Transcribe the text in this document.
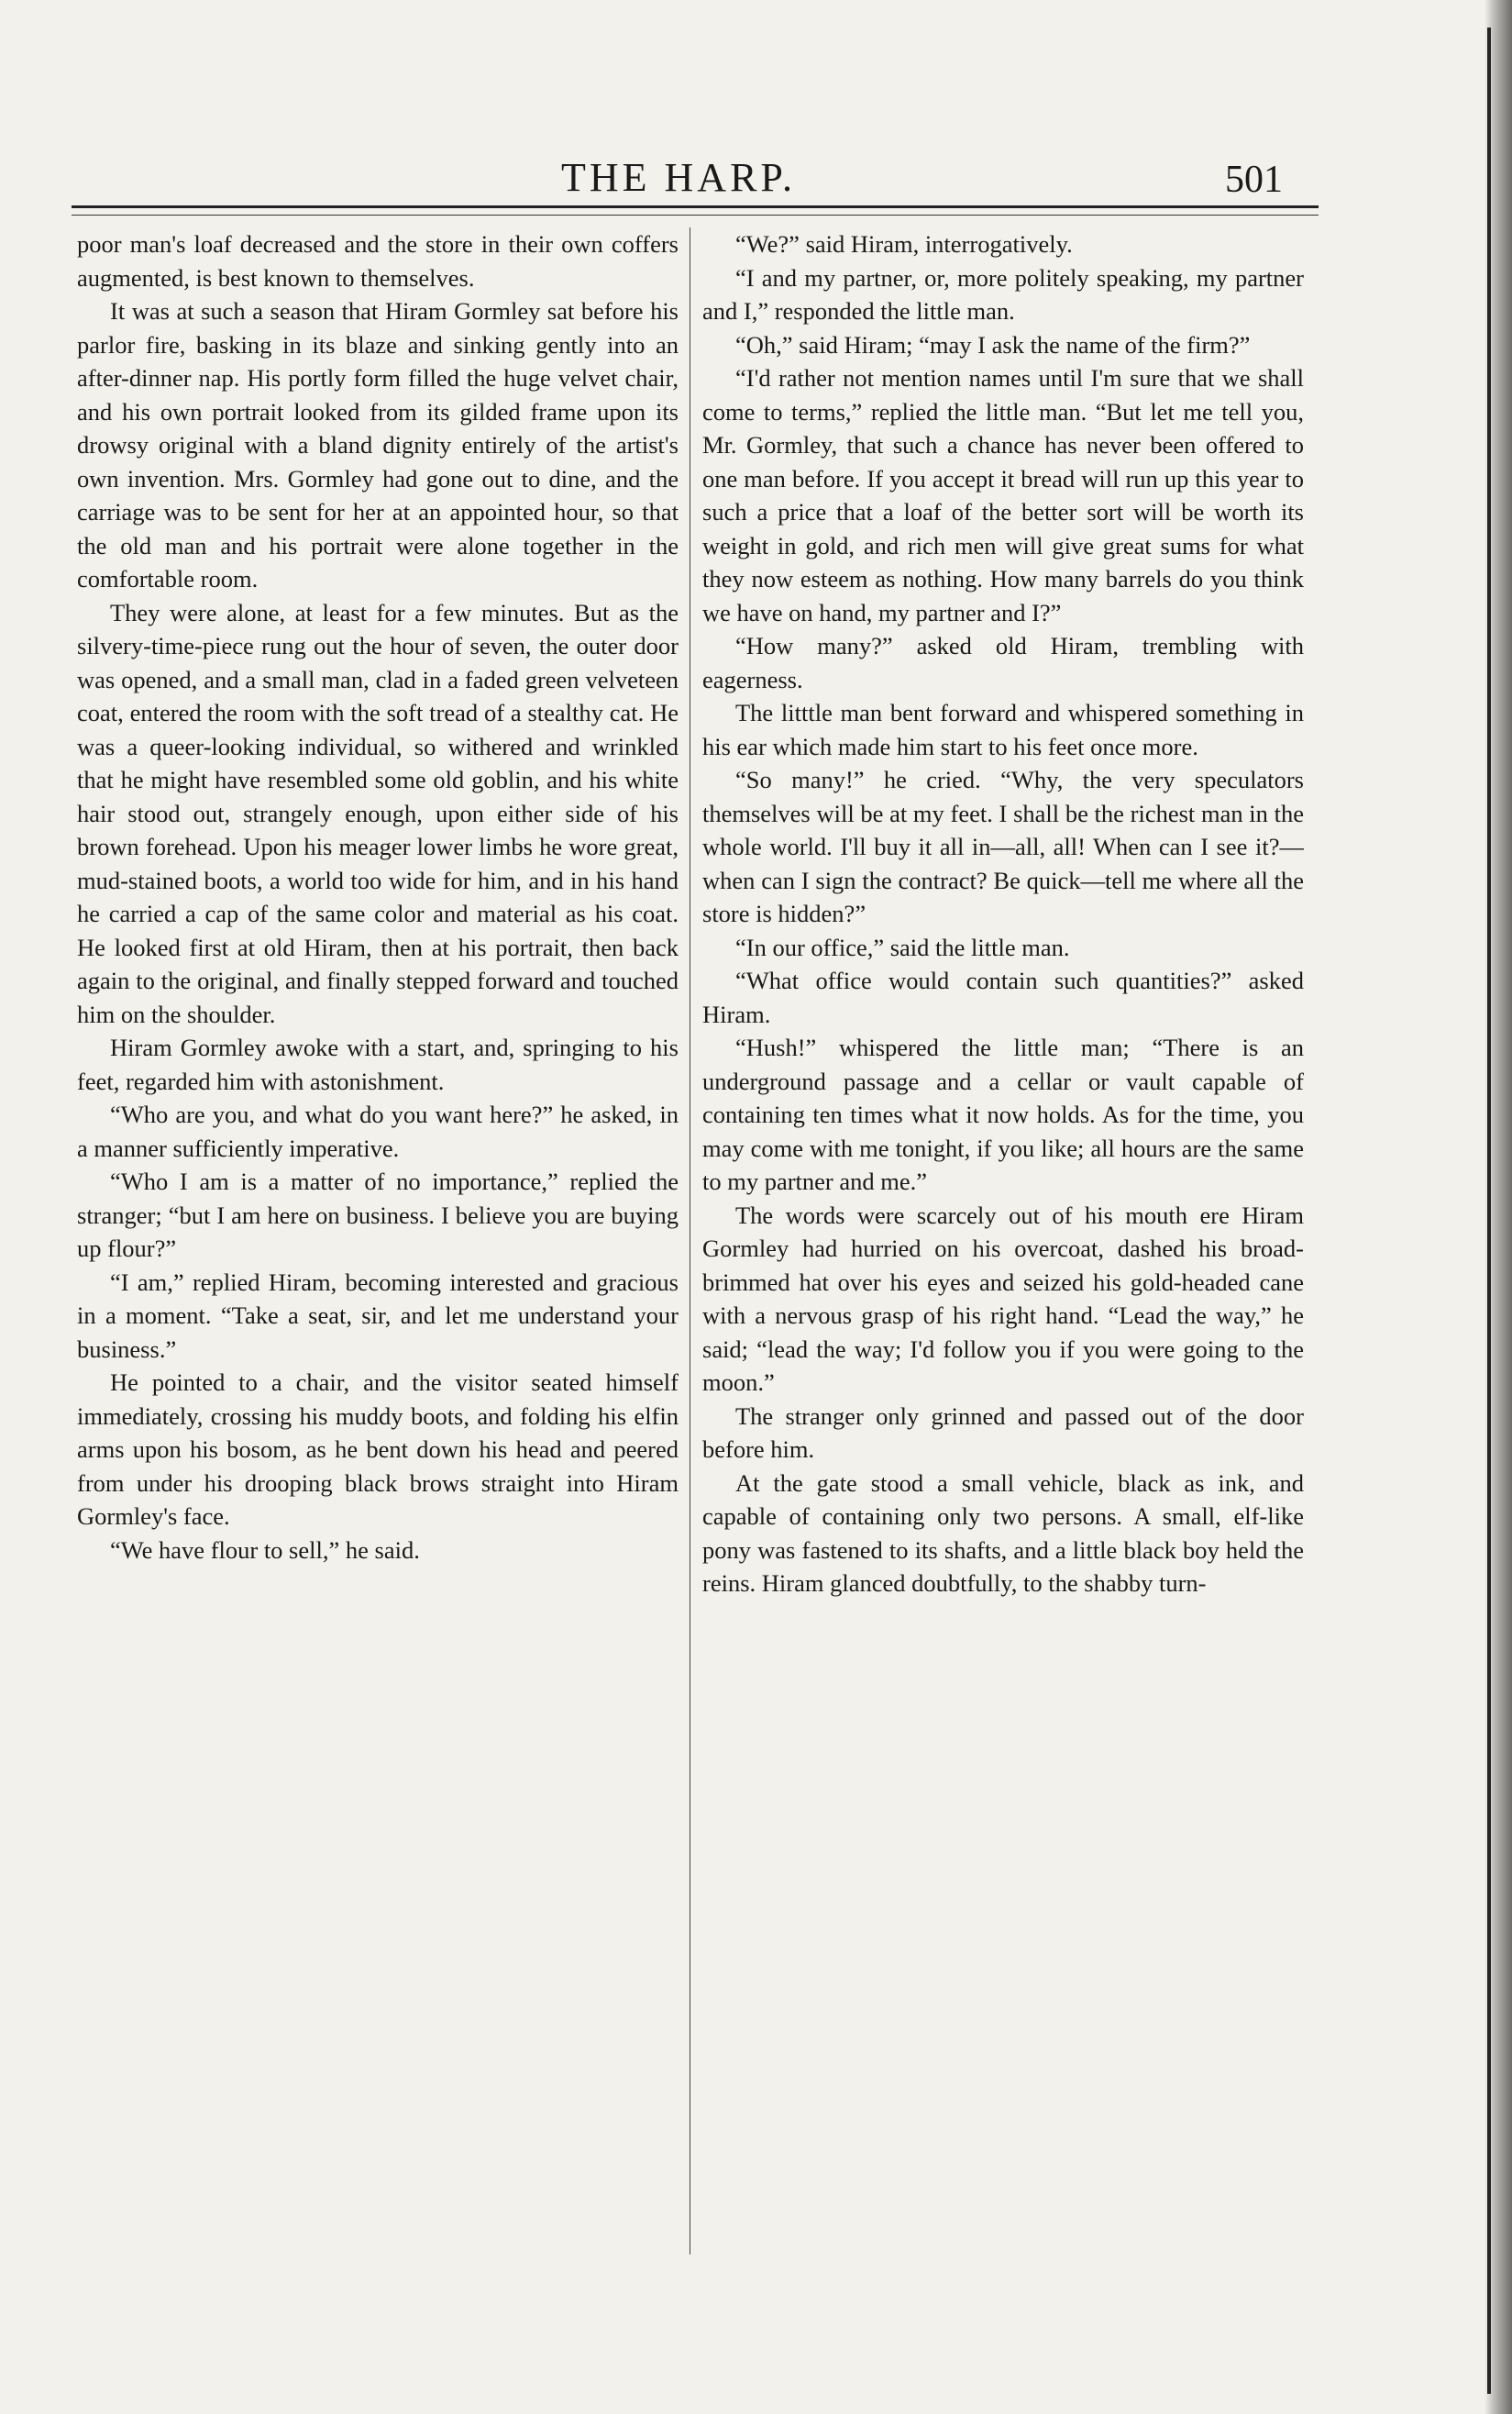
THE HARP.	501

poor man's loaf decreased and the store in their own coffers augmented, is best known to themselves.

It was at such a season that Hiram Gormley sat before his parlor fire, basking in its blaze and sinking gently into an after-dinner nap. His portly form filled the huge velvet chair, and his own portrait looked from its gilded frame upon its drowsy original with a bland dignity entirely of the artist's own invention. Mrs. Gormley had gone out to dine, and the carriage was to be sent for her at an appointed hour, so that the old man and his portrait were alone together in the comfortable room.

They were alone, at least for a few minutes. But as the silvery-time-piece rung out the hour of seven, the outer door was opened, and a small man, clad in a faded green velveteen coat, entered the room with the soft tread of a stealthy cat. He was a queer-looking individual, so withered and wrinkled that he might have resembled some old goblin, and his white hair stood out, strangely enough, upon either side of his brown forehead. Upon his meager lower limbs he wore great, mud-stained boots, a world too wide for him, and in his hand he carried a cap of the same color and material as his coat. He looked first at old Hiram, then at his portrait, then back again to the original, and finally stepped forward and touched him on the shoulder.

Hiram Gormley awoke with a start, and, springing to his feet, regarded him with astonishment.

“Who are you, and what do you want here?” he asked, in a manner sufficiently imperative.

“Who I am is a matter of no importance,” replied the stranger; “but I am here on business. I believe you are buying up flour?”

“I am,” replied Hiram, becoming interested and gracious in a moment. “Take a seat, sir, and let me understand your business.”

He pointed to a chair, and the visitor seated himself immediately, crossing his muddy boots, and folding his elfin arms upon his bosom, as he bent down his head and peered from under his drooping black brows straight into Hiram Gormley's face.

“We have flour to sell,” he said.

“We?” said Hiram, interrogatively.

“I and my partner, or, more politely speaking, my partner and I,” responded the little man.

“Oh,” said Hiram; “may I ask the name of the firm?”

“I'd rather not mention names until I'm sure that we shall come to terms,” replied the little man. “But let me tell you, Mr. Gormley, that such a chance has never been offered to one man before. If you accept it bread will run up this year to such a price that a loaf of the better sort will be worth its weight in gold, and rich men will give great sums for what they now esteem as nothing. How many barrels do you think we have on hand, my partner and I?”

“How many?” asked old Hiram, trembling with eagerness.

The litttle man bent forward and whispered something in his ear which made him start to his feet once more.

“So many!” he cried. “Why, the very speculators themselves will be at my feet. I shall be the richest man in the whole world. I'll buy it all in—all, all! When can I see it?—when can I sign the contract? Be quick—tell me where all the store is hidden?”

“In our office,” said the little man.

“What office would contain such quantities?” asked Hiram.

“Hush!” whispered the little man; “There is an underground passage and a cellar or vault capable of containing ten times what it now holds. As for the time, you may come with me tonight, if you like; all hours are the same to my partner and me.”

The words were scarcely out of his mouth ere Hiram Gormley had hurried on his overcoat, dashed his broad-brimmed hat over his eyes and seized his gold-headed cane with a nervous grasp of his right hand. “Lead the way,” he said; “lead the way; I'd follow you if you were going to the moon.”

The stranger only grinned and passed out of the door before him.

At the gate stood a small vehicle, black as ink, and capable of containing only two persons. A small, elf-like pony was fastened to its shafts, and a little black boy held the reins. Hiram glanced doubtfully, to the shabby turn-
